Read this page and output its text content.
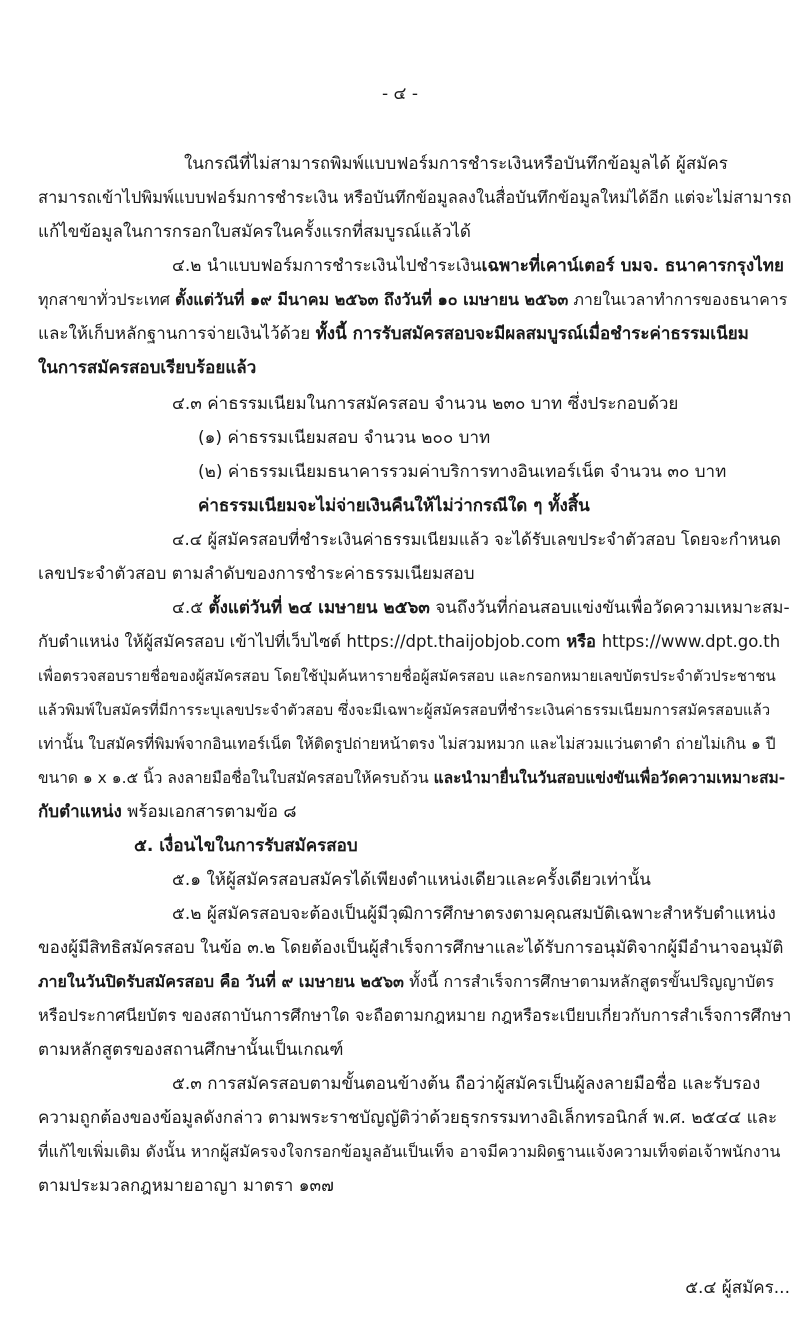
- ๔ -
ในกรณีที่ไม่สามารถพิมพ์แบบฟอร์มการชำระเงินหรือบันทึกข้อมูลได้ ผู้สมัคร
สามารถเข้าไปพิมพ์แบบฟอร์มการชำระเงิน หรือบันทึกข้อมูลลงในสื่อบันทึกข้อมูลใหม่ได้อีก แต่จะไม่สามารถ
แก้ไขข้อมูลในการกรอกใบสมัครในครั้งแรกที่สมบูรณ์แล้วได้
๔.๒ นำแบบฟอร์มการชำระเงินไปชำระเงินเฉพาะที่เคาน์เตอร์ บมจ. ธนาคารกรุงไทย
ทุกสาขาทั่วประเทศ ตั้งแต่วันที่ ๑๙ มีนาคม ๒๕๖๓ ถึงวันที่ ๑๐ เมษายน ๒๕๖๓ ภายในเวลาทำการของธนาคาร
และให้เก็บหลักฐานการจ่ายเงินไว้ด้วย ทั้งนี้ การรับสมัครสอบจะมีผลสมบูรณ์เมื่อชำระค่าธรรมเนียม
ในการสมัครสอบเรียบร้อยแล้ว
๔.๓ ค่าธรรมเนียมในการสมัครสอบ จำนวน ๒๓๐ บาท ซึ่งประกอบด้วย
(๑) ค่าธรรมเนียมสอบ จำนวน ๒๐๐ บาท
(๒) ค่าธรรมเนียมธนาคารรวมค่าบริการทางอินเทอร์เน็ต จำนวน ๓๐ บาท
ค่าธรรมเนียมจะไม่จ่ายเงินคืนให้ไม่ว่ากรณีใด ๆ ทั้งสิ้น
๔.๔ ผู้สมัครสอบที่ชำระเงินค่าธรรมเนียมแล้ว จะได้รับเลขประจำตัวสอบ โดยจะกำหนด
เลขประจำตัวสอบ ตามลำดับของการชำระค่าธรรมเนียมสอบ
๔.๕ ตั้งแต่วันที่ ๒๔ เมษายน ๒๕๖๓ จนถึงวันที่ก่อนสอบแข่งขันเพื่อวัดความเหมาะสม-
กับตำแหน่ง ให้ผู้สมัครสอบ เข้าไปที่เว็บไซต์ https://dpt.thaijobjob.com หรือ https://www.dpt.go.th
เพื่อตรวจสอบรายชื่อของผู้สมัครสอบ โดยใช้ปุ่มค้นหารายชื่อผู้สมัครสอบ และกรอกหมายเลขบัตรประจำตัวประชาชน
แล้วพิมพ์ใบสมัครที่มีการระบุเลขประจำตัวสอบ ซึ่งจะมีเฉพาะผู้สมัครสอบที่ชำระเงินค่าธรรมเนียมการสมัครสอบแล้ว
เท่านั้น ใบสมัครที่พิมพ์จากอินเทอร์เน็ต ให้ติดรูปถ่ายหน้าตรง ไม่สวมหมวก และไม่สวมแว่นตาดำ ถ่ายไม่เกิน ๑ ปี
ขนาด ๑ x ๑.๕ นิ้ว ลงลายมือชื่อในใบสมัครสอบให้ครบถ้วน และนำมายื่นในวันสอบแข่งขันเพื่อวัดความเหมาะสม-
กับตำแหน่ง พร้อมเอกสารตามข้อ ๘
๕. เงื่อนไขในการรับสมัครสอบ
๕.๑ ให้ผู้สมัครสอบสมัครได้เพียงตำแหน่งเดียวและครั้งเดียวเท่านั้น
๕.๒ ผู้สมัครสอบจะต้องเป็นผู้มีวุฒิการศึกษาตรงตามคุณสมบัติเฉพาะสำหรับตำแหน่ง
ของผู้มีสิทธิสมัครสอบ ในข้อ ๓.๒ โดยต้องเป็นผู้สำเร็จการศึกษาและได้รับการอนุมัติจากผู้มีอำนาจอนุมัติ
ภายในวันปิดรับสมัครสอบ คือ วันที่ ๙ เมษายน ๒๕๖๓ ทั้งนี้ การสำเร็จการศึกษาตามหลักสูตรขั้นปริญญาบัตร
หรือประกาศนียบัตร ของสถาบันการศึกษาใด จะถือตามกฎหมาย กฎหรือระเบียบเกี่ยวกับการสำเร็จการศึกษา
ตามหลักสูตรของสถานศึกษานั้นเป็นเกณฑ์
๕.๓ การสมัครสอบตามขั้นตอนข้างต้น ถือว่าผู้สมัครเป็นผู้ลงลายมือชื่อ และรับรอง
ความถูกต้องของข้อมูลดังกล่าว ตามพระราชบัญญัติว่าด้วยธุรกรรมทางอิเล็กทรอนิกส์ พ.ศ. ๒๕๔๔ และ
ที่แก้ไขเพิ่มเติม ดังนั้น หากผู้สมัครจงใจกรอกข้อมูลอันเป็นเท็จ อาจมีความผิดฐานแจ้งความเท็จต่อเจ้าพนักงาน
ตามประมวลกฎหมายอาญา มาตรา ๑๓๗
๕.๔ ผู้สมัคร...
